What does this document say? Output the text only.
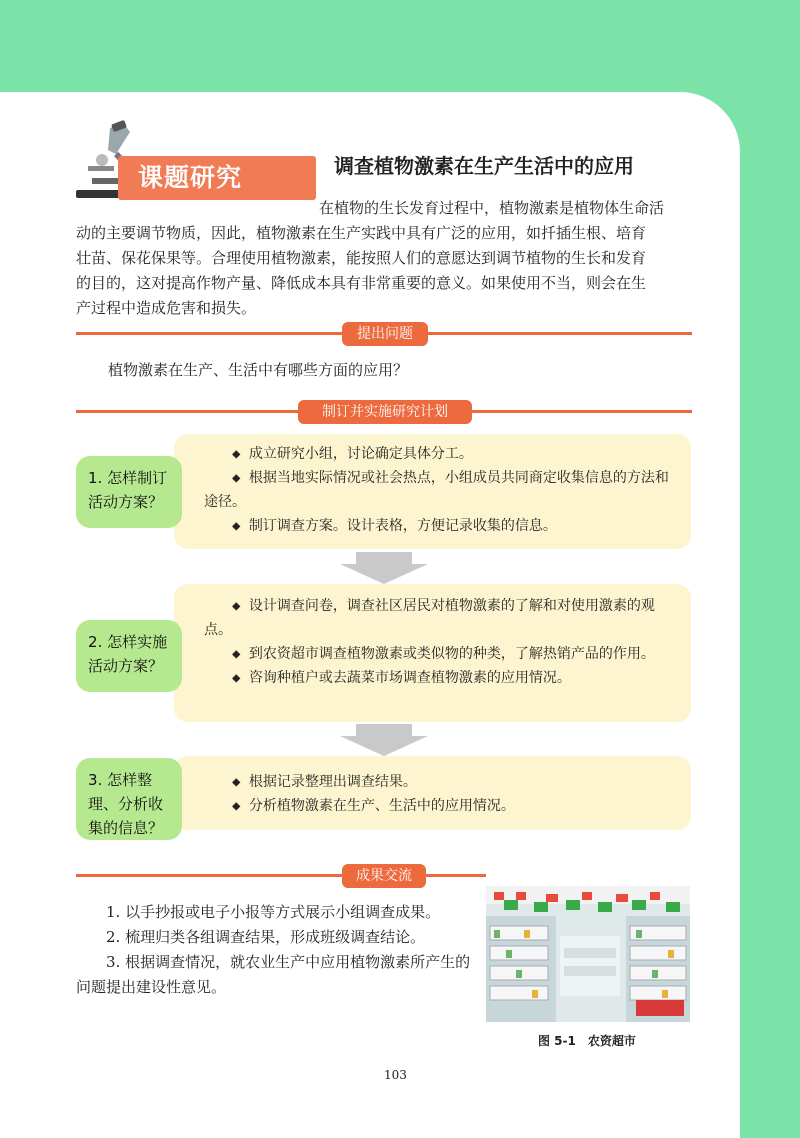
课题研究	调查植物激素在生产生活中的应用
在植物的生长发育过程中，植物激素是植物体生命活
动的主要调节物质，因此，植物激素在生产实践中具有广泛的应用，如扦插生根、培育
壮苗、保花保果等。合理使用植物激素，能按照人们的意愿达到调节植物的生长和发育
的目的，这对提高作物产量、降低成本具有非常重要的意义。如果使用不当，则会在生
产过程中造成危害和损失。
提出问题
植物激素在生产、生活中有哪些方面的应用？
制订并实施研究计划
1. 怎样制订活动方案？

◆ 成立研究小组，讨论确定具体分工。

◆ 根据当地实际情况或社会热点，小组成员共同商定收集信息的方法和途径。

◆ 制订调查方案。设计表格，方便记录收集的信息。

2. 怎样实施活动方案？

◆ 设计调查问卷，调查社区居民对植物激素的了解和对使用激素的观点。

◆ 到农资超市调查植物激素或类似物的种类，了解热销产品的作用。

◆ 咨询种植户或去蔬菜市场调查植物激素的应用情况。

3. 怎样整理、分析收集的信息？

◆ 根据记录整理出调查结果。

◆ 分析植物激素在生产、生活中的应用情况。

成果交流

1. 以手抄报或电子小报等方式展示小组调查成果。

2. 梳理归类各组调查结果，形成班级调查结论。

3. 根据调查情况，就农业生产中应用植物激素所产生的问题提出建设性意见。

图 5-1　农资超市
103
